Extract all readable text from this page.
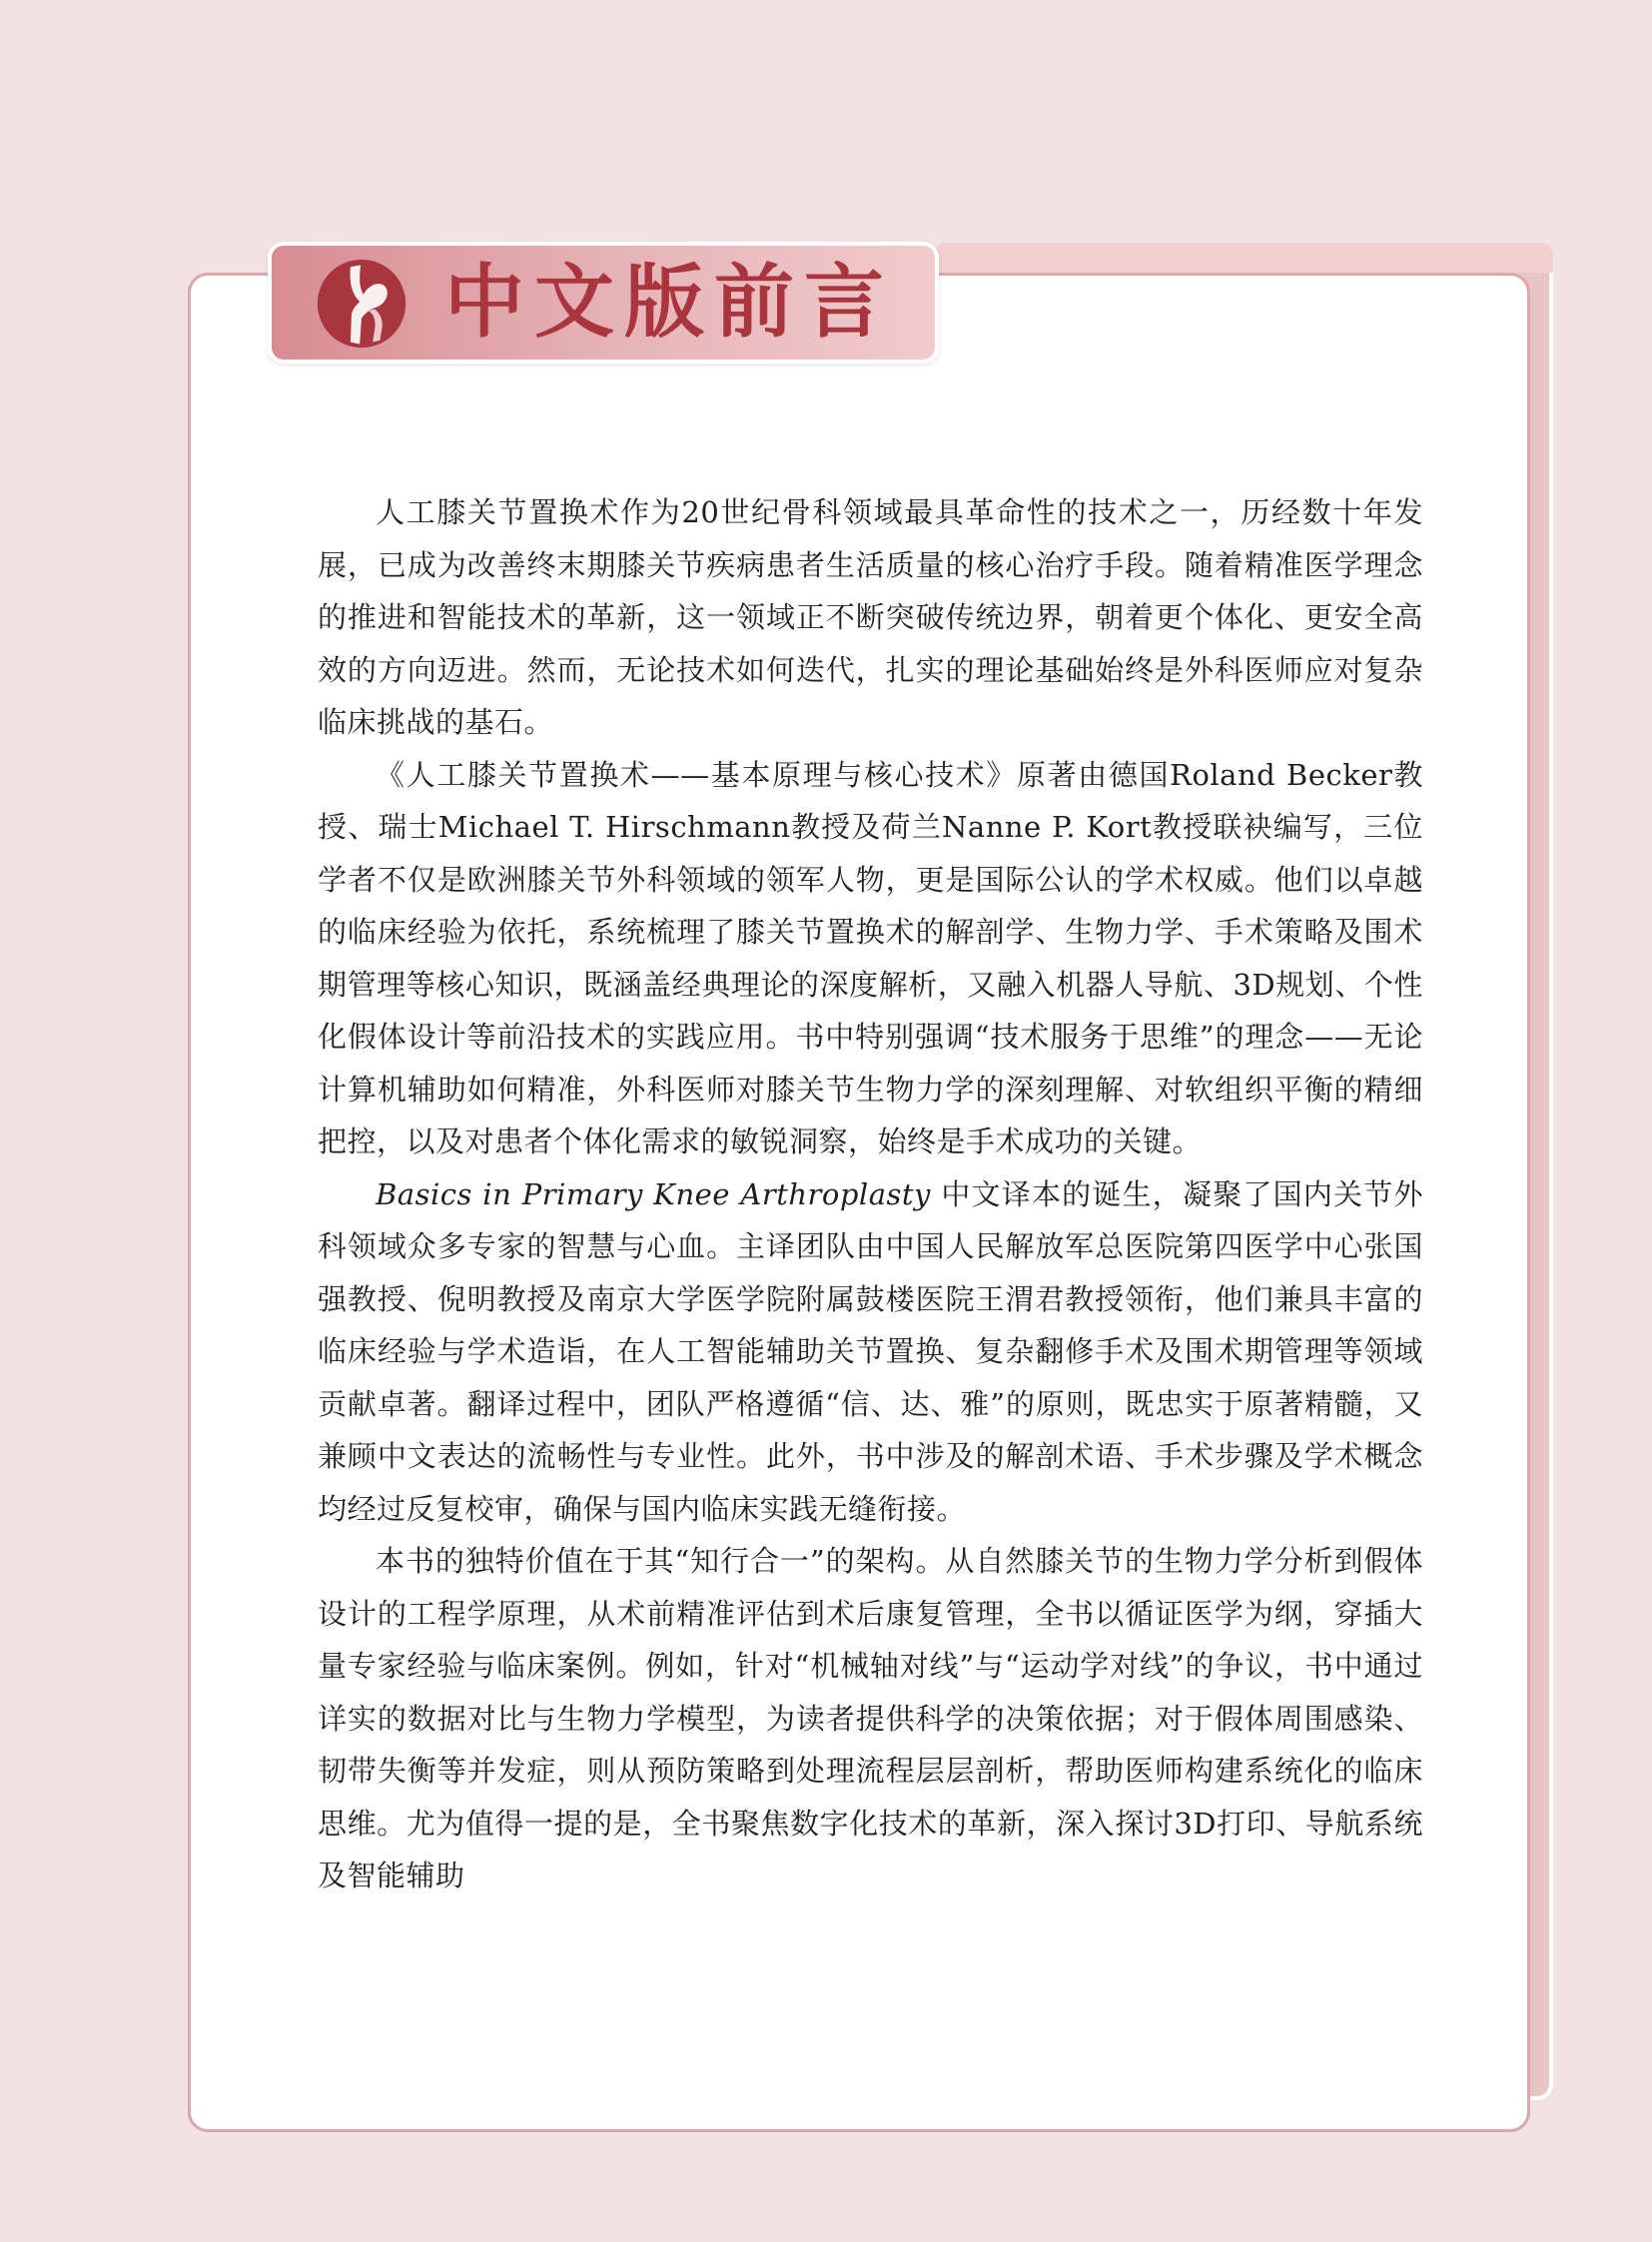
中文版前言

人工膝关节置换术作为20世纪骨科领域最具革命性的技术之一，历经数十年发展，已成为改善终末期膝关节疾病患者生活质量的核心治疗手段。随着精准医学理念的推进和智能技术的革新，这一领域正不断突破传统边界，朝着更个体化、更安全高效的方向迈进。然而，无论技术如何迭代，扎实的理论基础始终是外科医师应对复杂临床挑战的基石。

《人工膝关节置换术——基本原理与核心技术》原著由德国Roland Becker教授、瑞士Michael T. Hirschmann教授及荷兰Nanne P. Kort教授联袂编写，三位学者不仅是欧洲膝关节外科领域的领军人物，更是国际公认的学术权威。他们以卓越的临床经验为依托，系统梳理了膝关节置换术的解剖学、生物力学、手术策略及围术期管理等核心知识，既涵盖经典理论的深度解析，又融入机器人导航、3D规划、个性化假体设计等前沿技术的实践应用。书中特别强调“技术服务于思维”的理念——无论计算机辅助如何精准，外科医师对膝关节生物力学的深刻理解、对软组织平衡的精细把控，以及对患者个体化需求的敏锐洞察，始终是手术成功的关键。

Basics in Primary Knee Arthroplasty 中文译本的诞生，凝聚了国内关节外科领域众多专家的智慧与心血。主译团队由中国人民解放军总医院第四医学中心张国强教授、倪明教授及南京大学医学院附属鼓楼医院王渭君教授领衔，他们兼具丰富的临床经验与学术造诣，在人工智能辅助关节置换、复杂翻修手术及围术期管理等领域贡献卓著。翻译过程中，团队严格遵循“信、达、雅”的原则，既忠实于原著精髓，又兼顾中文表达的流畅性与专业性。此外，书中涉及的解剖术语、手术步骤及学术概念均经过反复校审，确保与国内临床实践无缝衔接。

本书的独特价值在于其“知行合一”的架构。从自然膝关节的生物力学分析到假体设计的工程学原理，从术前精准评估到术后康复管理，全书以循证医学为纲，穿插大量专家经验与临床案例。例如，针对“机械轴对线”与“运动学对线”的争议，书中通过详实的数据对比与生物力学模型，为读者提供科学的决策依据；对于假体周围感染、韧带失衡等并发症，则从预防策略到处理流程层层剖析，帮助医师构建系统化的临床思维。尤为值得一提的是，全书聚焦数字化技术的革新，深入探讨3D打印、导航系统及智能辅助
